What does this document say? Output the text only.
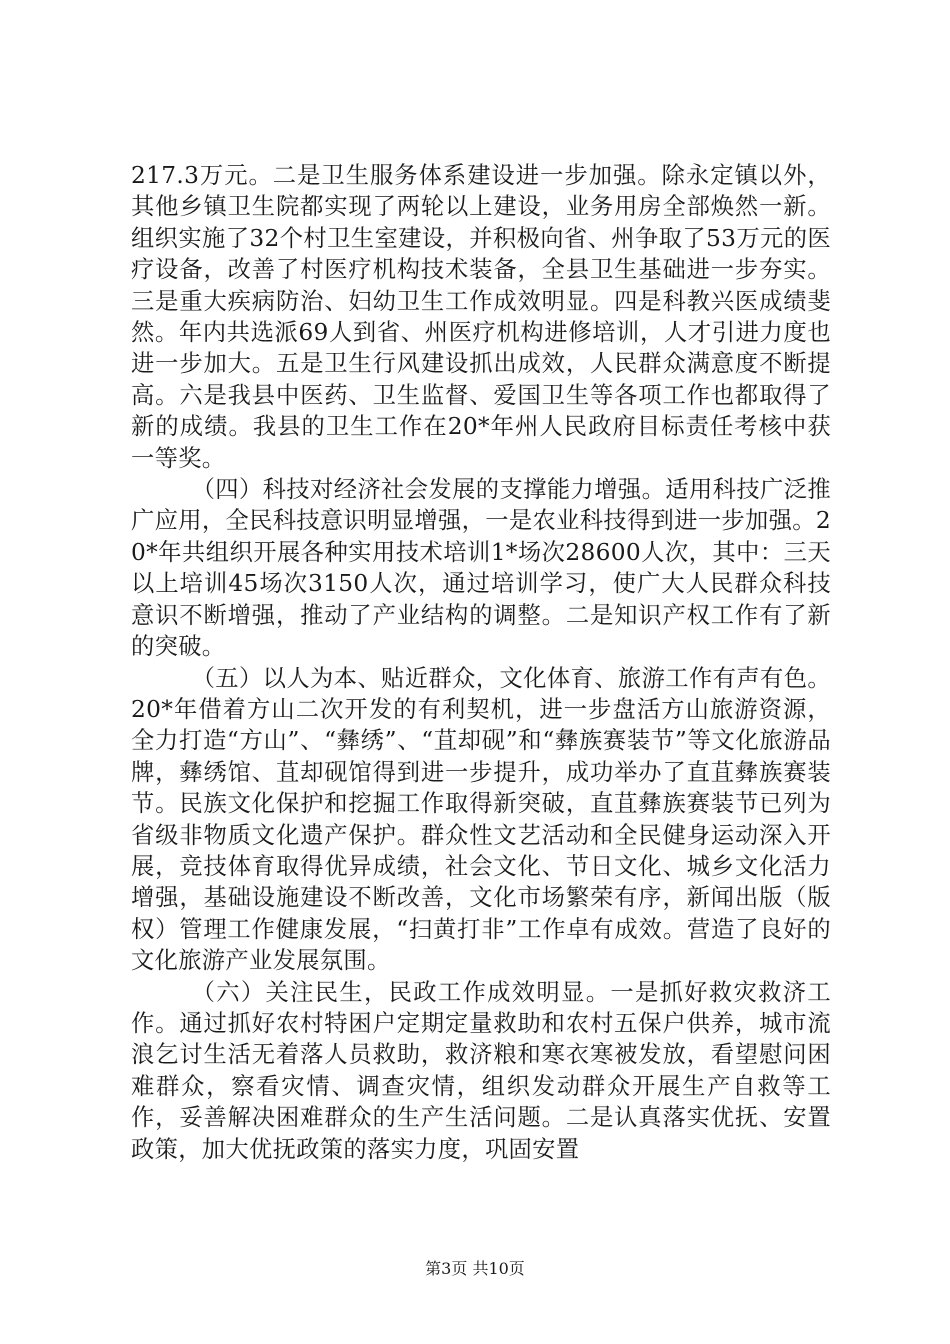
217.3万元。二是卫生服务体系建设进一步加强。除永定镇以外，其他乡镇卫生院都实现了两轮以上建设，业务用房全部焕然一新。组织实施了32个村卫生室建设，并积极向省、州争取了53万元的医疗设备，改善了村医疗机构技术装备，全县卫生基础进一步夯实。三是重大疾病防治、妇幼卫生工作成效明显。四是科教兴医成绩斐然。年内共选派69人到省、州医疗机构进修培训，人才引进力度也进一步加大。五是卫生行风建设抓出成效，人民群众满意度不断提高。六是我县中医药、卫生监督、爱国卫生等各项工作也都取得了新的成绩。我县的卫生工作在20*年州人民政府目标责任考核中获一等奖。

（四）科技对经济社会发展的支撑能力增强。适用科技广泛推广应用，全民科技意识明显增强，一是农业科技得到进一步加强。20*年共组织开展各种实用技术培训1*场次28600人次，其中：三天以上培训45场次3150人次，通过培训学习，使广大人民群众科技意识不断增强，推动了产业结构的调整。二是知识产权工作有了新的突破。

（五）以人为本、贴近群众，文化体育、旅游工作有声有色。20*年借着方山二次开发的有利契机，进一步盘活方山旅游资源，全力打造“方山”、“彝绣”、“苴却砚”和“彝族赛装节”等文化旅游品牌，彝绣馆、苴却砚馆得到进一步提升，成功举办了直苴彝族赛装节。民族文化保护和挖掘工作取得新突破，直苴彝族赛装节已列为省级非物质文化遗产保护。群众性文艺活动和全民健身运动深入开展，竞技体育取得优异成绩，社会文化、节日文化、城乡文化活力增强，基础设施建设不断改善，文化市场繁荣有序，新闻出版（版权）管理工作健康发展，“扫黄打非”工作卓有成效。营造了良好的文化旅游产业发展氛围。

（六）关注民生，民政工作成效明显。一是抓好救灾救济工作。通过抓好农村特困户定期定量救助和农村五保户供养，城市流浪乞讨生活无着落人员救助，救济粮和寒衣寒被发放，看望慰问困难群众，察看灾情、调查灾情，组织发动群众开展生产自救等工作，妥善解决困难群众的生产生活问题。二是认真落实优抚、安置政策，加大优抚政策的落实力度，巩固安置

第3页 共10页
